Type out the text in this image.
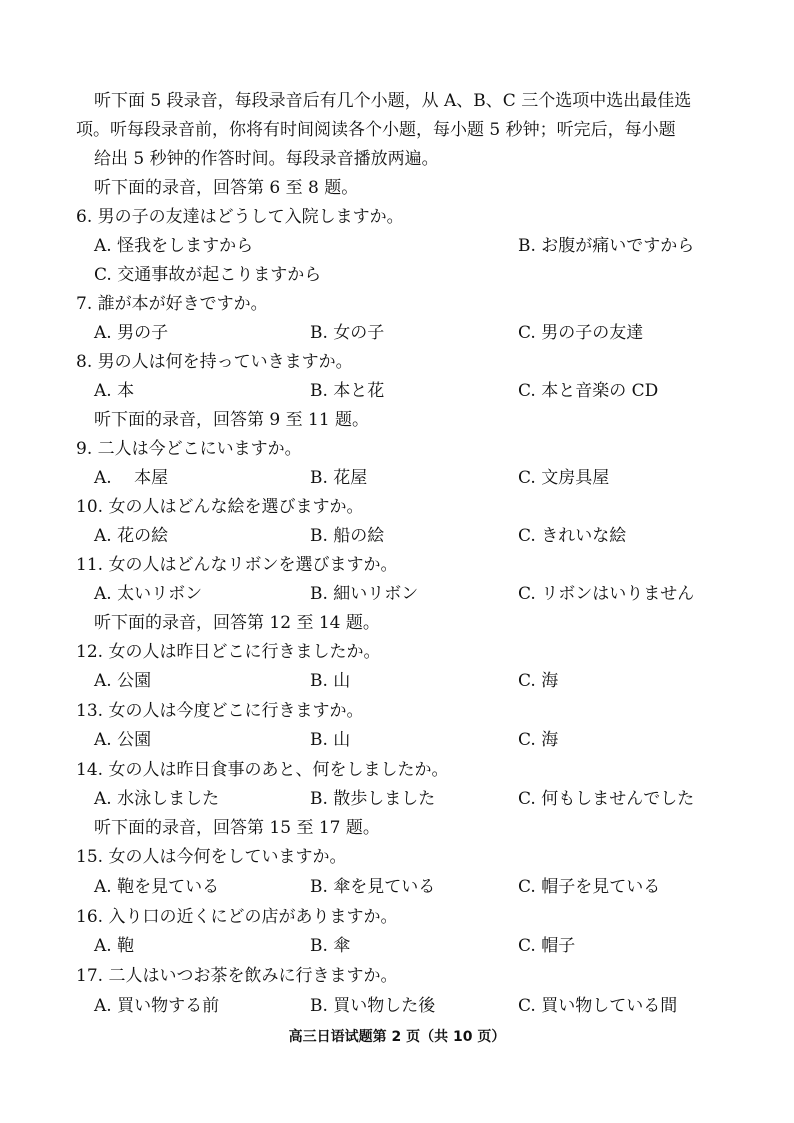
听下面 5 段录音，每段录音后有几个小题，从 A、B、C 三个选项中选出最佳选
项。听每段录音前，你将有时间阅读各个小题，每小题 5 秒钟；听完后，每小题
给出 5 秒钟的作答时间。每段录音播放两遍。
听下面的录音，回答第 6 至 8 题。
6. 男の子の友達はどうして入院しますか。
A. 怪我をしますから	B. お腹が痛いですから
C. 交通事故が起こりますから
7. 誰が本が好きですか。
A. 男の子	B. 女の子	C. 男の子の友達
8. 男の人は何を持っていきますか。
A. 本	B. 本と花	C. 本と音楽の CD
听下面的录音，回答第 9 至 11 题。
9. 二人は今どこにいますか。
A.　 本屋	B. 花屋	C. 文房具屋
10. 女の人はどんな絵を選びますか。
A. 花の絵	B. 船の絵	C. きれいな絵
11. 女の人はどんなリボンを選びますか。
A. 太いリボン	B. 細いリボン	C. リボンはいりません
听下面的录音，回答第 12 至 14 题。
12. 女の人は昨日どこに行きましたか。
A. 公園	B. 山	C. 海
13. 女の人は今度どこに行きますか。
A. 公園	B. 山	C. 海
14. 女の人は昨日食事のあと、何をしましたか。
A. 水泳しました	B. 散歩しました	C. 何もしませんでした
听下面的录音，回答第 15 至 17 题。
15. 女の人は今何をしていますか。
A. 鞄を見ている	B. 傘を見ている	C. 帽子を見ている
16. 入り口の近くにどの店がありますか。
A. 鞄	B. 傘	C. 帽子
17. 二人はいつお茶を飲みに行きますか。
A. 買い物する前	B. 買い物した後	C. 買い物している間
高三日语试题第 2 页（共 10 页）
